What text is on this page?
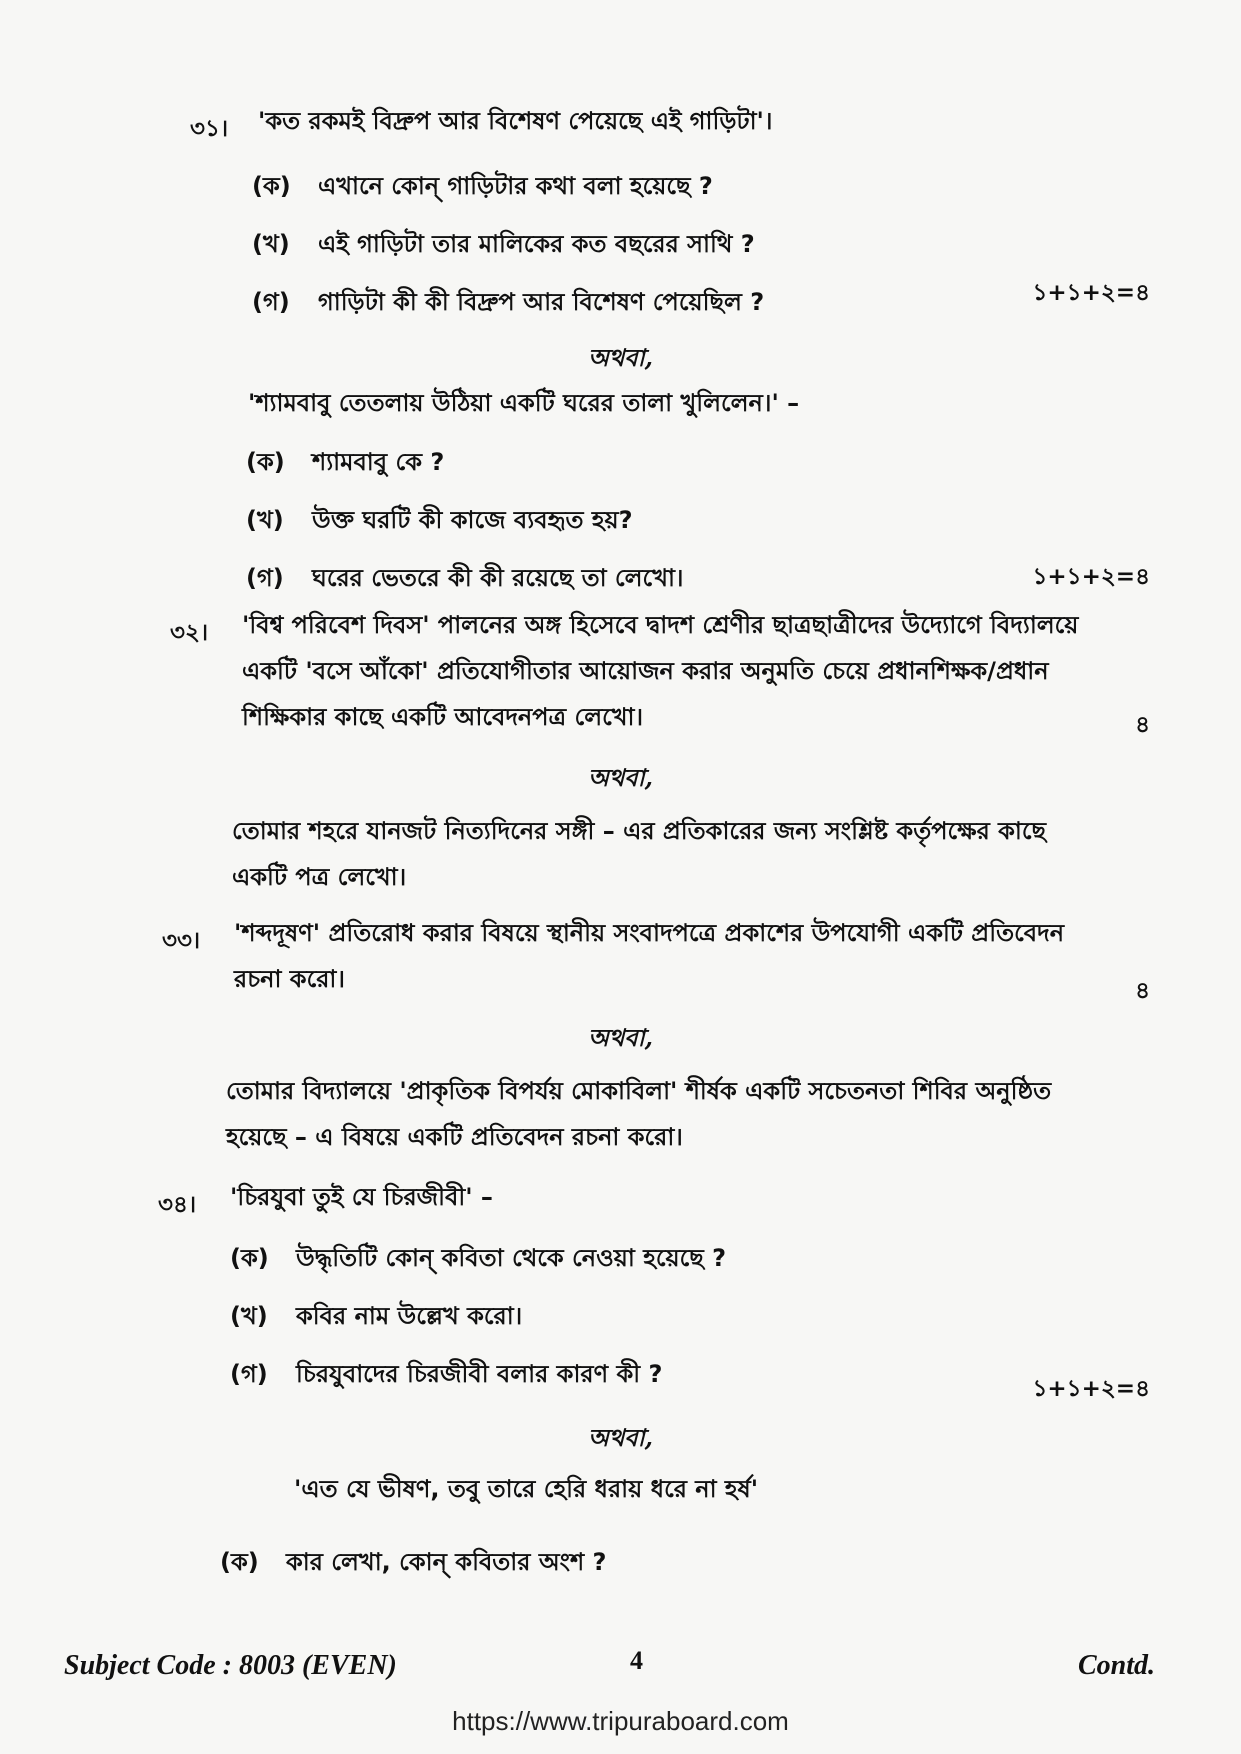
৩১। 'কত রকমই বিদ্রুপ আর বিশেষণ পেয়েছে এই গাড়িটা'।
(ক) এখানে কোন্ গাড়িটার কথা বলা হয়েছে ?
(খ) এই গাড়িটা তার মালিকের কত বছরের সাথি ?
(গ) গাড়িটা কী কী বিদ্রুপ আর বিশেষণ পেয়েছিল ?	১+১+২=৪
অথবা,
'শ্যামবাবু তেতলায় উঠিয়া একটি ঘরের তালা খুলিলেন।' –
(ক) শ্যামবাবু কে ?
(খ) উক্ত ঘরটি কী কাজে ব্যবহৃত হয়?
(গ) ঘরের ভেতরে কী কী রয়েছে তা লেখো।	১+১+২=৪
৩২। 'বিশ্ব পরিবেশ দিবস' পালনের অঙ্গ হিসেবে দ্বাদশ শ্রেণীর ছাত্রছাত্রীদের উদ্যোগে বিদ্যালয়ে
একটি 'বসে আঁকো' প্রতিযোগীতার আয়োজন করার অনুমতি চেয়ে প্রধানশিক্ষক/প্রধান
শিক্ষিকার কাছে একটি আবেদনপত্র লেখো।	৪
অথবা,
তোমার শহরে যানজট নিত্যদিনের সঙ্গী – এর প্রতিকারের জন্য সংশ্লিষ্ট কর্তৃপক্ষের কাছে
একটি পত্র লেখো।
৩৩। 'শব্দদূষণ' প্রতিরোধ করার বিষয়ে স্থানীয় সংবাদপত্রে প্রকাশের উপযোগী একটি প্রতিবেদন
রচনা করো।	৪
অথবা,
তোমার বিদ্যালয়ে 'প্রাকৃতিক বিপর্যয় মোকাবিলা' শীর্ষক একটি সচেতনতা শিবির অনুষ্ঠিত
হয়েছে – এ বিষয়ে একটি প্রতিবেদন রচনা করো।
৩৪। 'চিরযুবা তুই যে চিরজীবী' –
(ক) উদ্ধৃতিটি কোন্ কবিতা থেকে নেওয়া হয়েছে ?
(খ) কবির নাম উল্লেখ করো।
(গ) চিরযুবাদের চিরজীবী বলার কারণ কী ?
১+১+২=৪
অথবা,
'এত যে ভীষণ, তবু তারে হেরি ধরায় ধরে না হর্ষ'
(ক) কার লেখা, কোন্ কবিতার অংশ ?
Subject Code : 8003 (EVEN)	4	Contd.
https://www.tripuraboard.com
